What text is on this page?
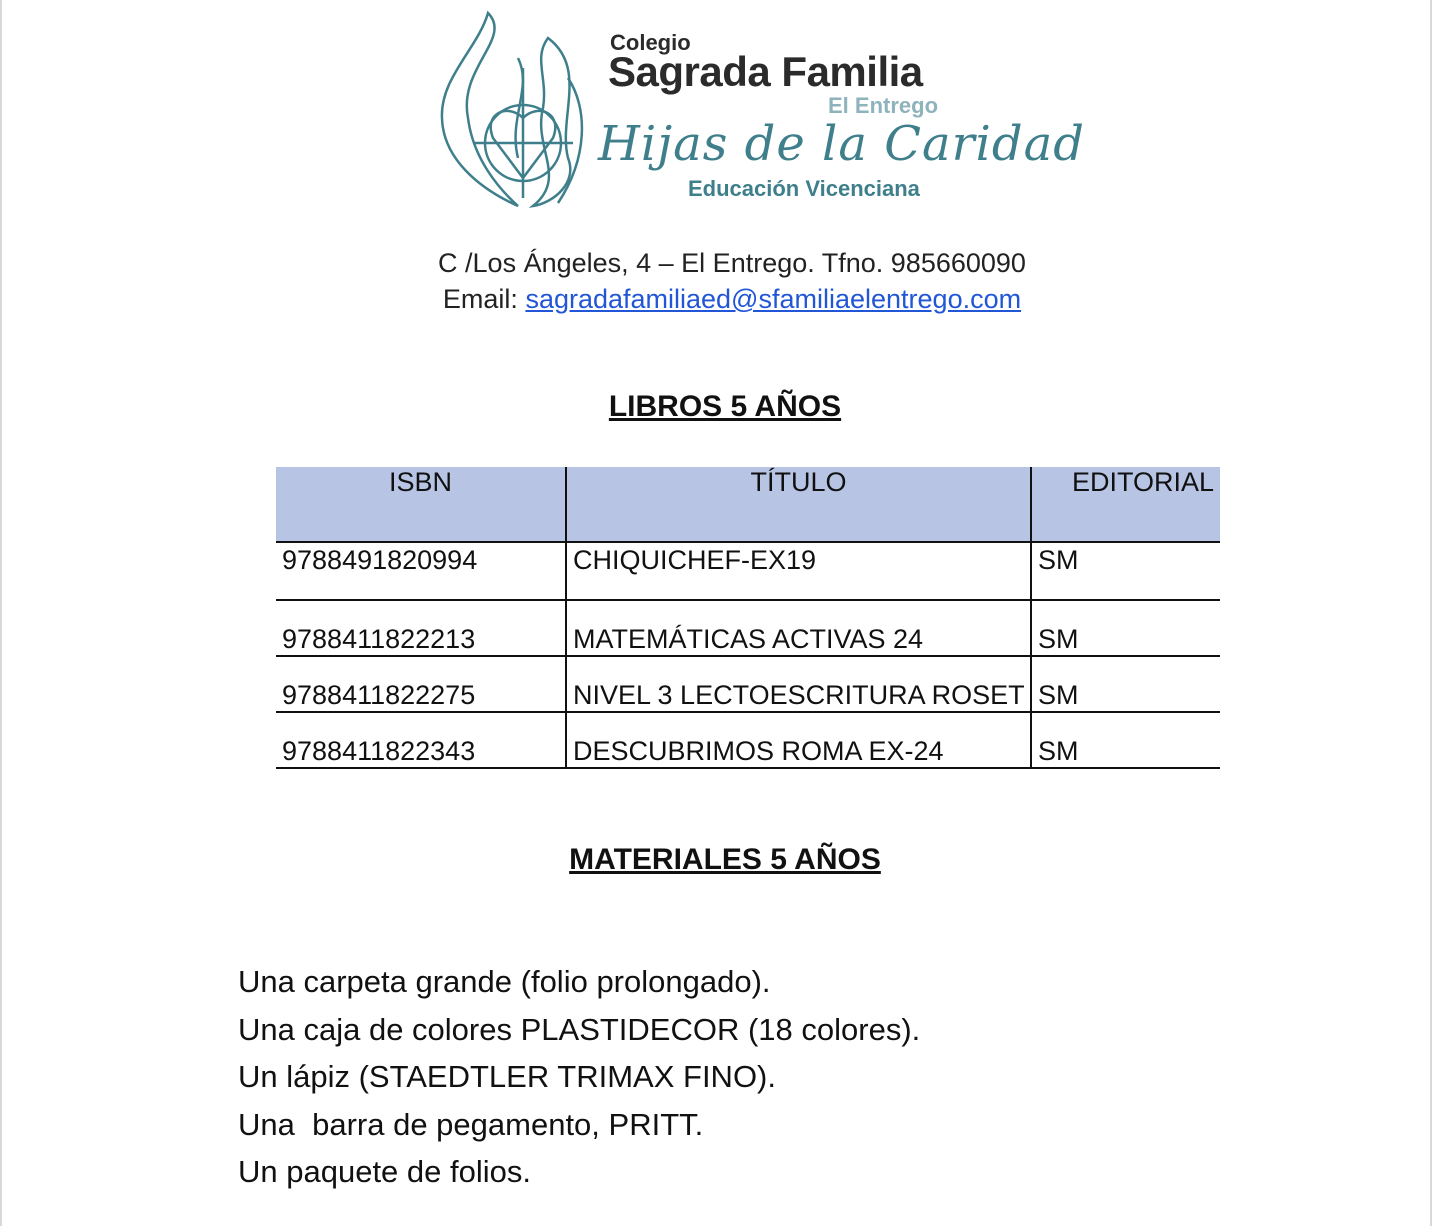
Colegio
Sagrada Familia
El Entrego
Hijas de la Caridad
Educación Vicenciana
C /Los Ángeles, 4 – El Entrego. Tfno. 985660090
Email: sagradafamiliaed@sfamiliaelentrego.com
LIBROS 5 AÑOS
ISBN	TÍTULO	EDITORIAL
9788491820994	CHIQUICHEF-EX19	SM
9788411822213	MATEMÁTICAS ACTIVAS 24	SM
9788411822275	NIVEL 3 LECTOESCRITURA ROSET	SM
9788411822343	DESCUBRIMOS ROMA EX-24	SM
MATERIALES 5 AÑOS
Una carpeta grande (folio prolongado).
Una caja de colores PLASTIDECOR (18 colores).
Un lápiz (STAEDTLER TRIMAX FINO).
Una  barra de pegamento, PRITT.
Un paquete de folios.
